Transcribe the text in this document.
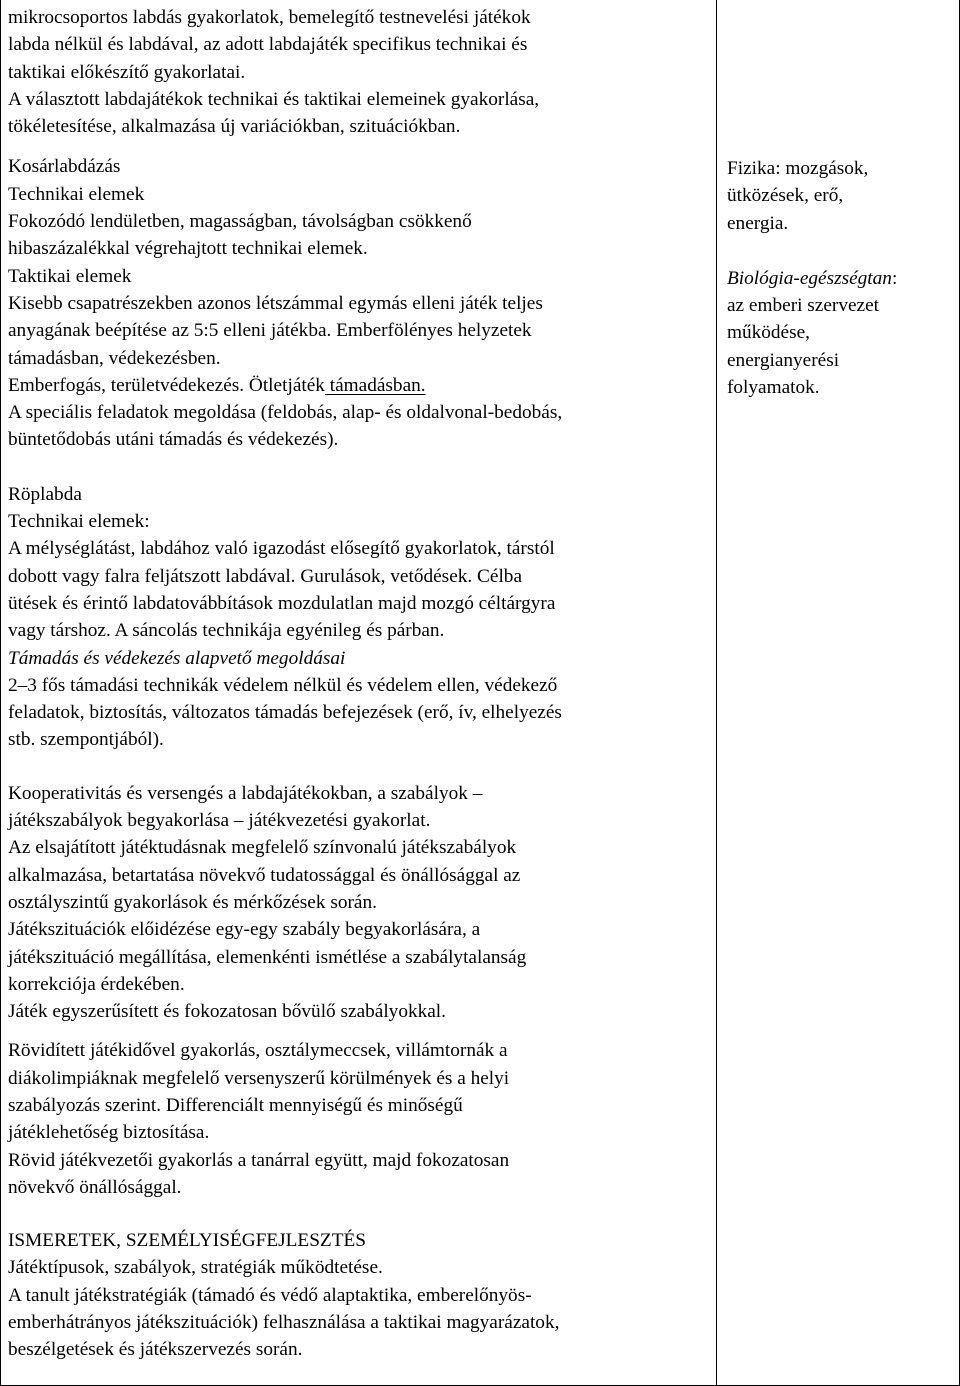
mikrocsoportos labdás gyakorlatok, bemelegítő testnevelési játékok

labda nélkül és labdával, az adott labdajáték specifikus technikai és

taktikai előkészítő gyakorlatai.

A választott labdajátékok technikai és taktikai elemeinek gyakorlása,

tökéletesítése, alkalmazása új variációkban, szituációkban.

Kosárlabdázás

Technikai elemek

Fokozódó lendületben, magasságban, távolságban csökkenő

hibaszázalékkal végrehajtott technikai elemek.

Taktikai elemek

Kisebb csapatrészekben azonos létszámmal egymás elleni játék teljes

anyagának beépítése az 5:5 elleni játékba. Emberfölényes helyzetek

támadásban, védekezésben.

Emberfogás, területvédekezés. Ötletjáték támadásban.

A speciális feladatok megoldása (feldobás, alap- és oldalvonal-bedobás,

büntetődobás utáni támadás és védekezés).

Röplabda

Technikai elemek:

A mélységlátást, labdához való igazodást elősegítő gyakorlatok, társtól

dobott vagy falra feljátszott labdával. Gurulások, vetődések. Célba

ütések és érintő labdatovábbítások mozdulatlan majd mozgó céltárgyra

vagy társhoz. A sáncolás technikája egyénileg és párban.

Támadás és védekezés alapvető megoldásai

2‒3 fős támadási technikák védelem nélkül és védelem ellen, védekező

feladatok, biztosítás, változatos támadás befejezések (erő, ív, elhelyezés

stb. szempontjából).

Kooperativitás és versengés a labdajátékokban, a szabályok ‒

játékszabályok begyakorlása ‒ játékvezetési gyakorlat.

Az elsajátított játéktudásnak megfelelő színvonalú játékszabályok

alkalmazása, betartatása növekvő tudatossággal és önállósággal az

osztályszintű gyakorlások és mérkőzések során.

Játékszituációk előidézése egy-egy szabály begyakorlására, a

játékszituáció megállítása, elemenkénti ismétlése a szabálytalanság

korrekciója érdekében.

Játék egyszerűsített és fokozatosan bővülő szabályokkal.

Rövidített játékidővel gyakorlás, osztálymeccsek, villámtornák a

diákolimpiáknak megfelelő versenyszerű körülmények és a helyi

szabályozás szerint. Differenciált mennyiségű és minőségű

játéklehetőség biztosítása.

Rövid játékvezetői gyakorlás a tanárral együtt, majd fokozatosan

növekvő önállósággal.

ISMERETEK, SZEMÉLYISÉGFEJLESZTÉS

Játéktípusok, szabályok, stratégiák működtetése.

A tanult játékstratégiák (támadó és védő alaptaktika, emberelőnyös-

emberhátrányos játékszituációk) felhasználása a taktikai magyarázatok,

beszélgetések és játékszervezés során.

Fizika: mozgások,

ütközések, erő,

energia.

Biológia-egészségtan:

az emberi szervezet

működése,

energianyerési

folyamatok.
